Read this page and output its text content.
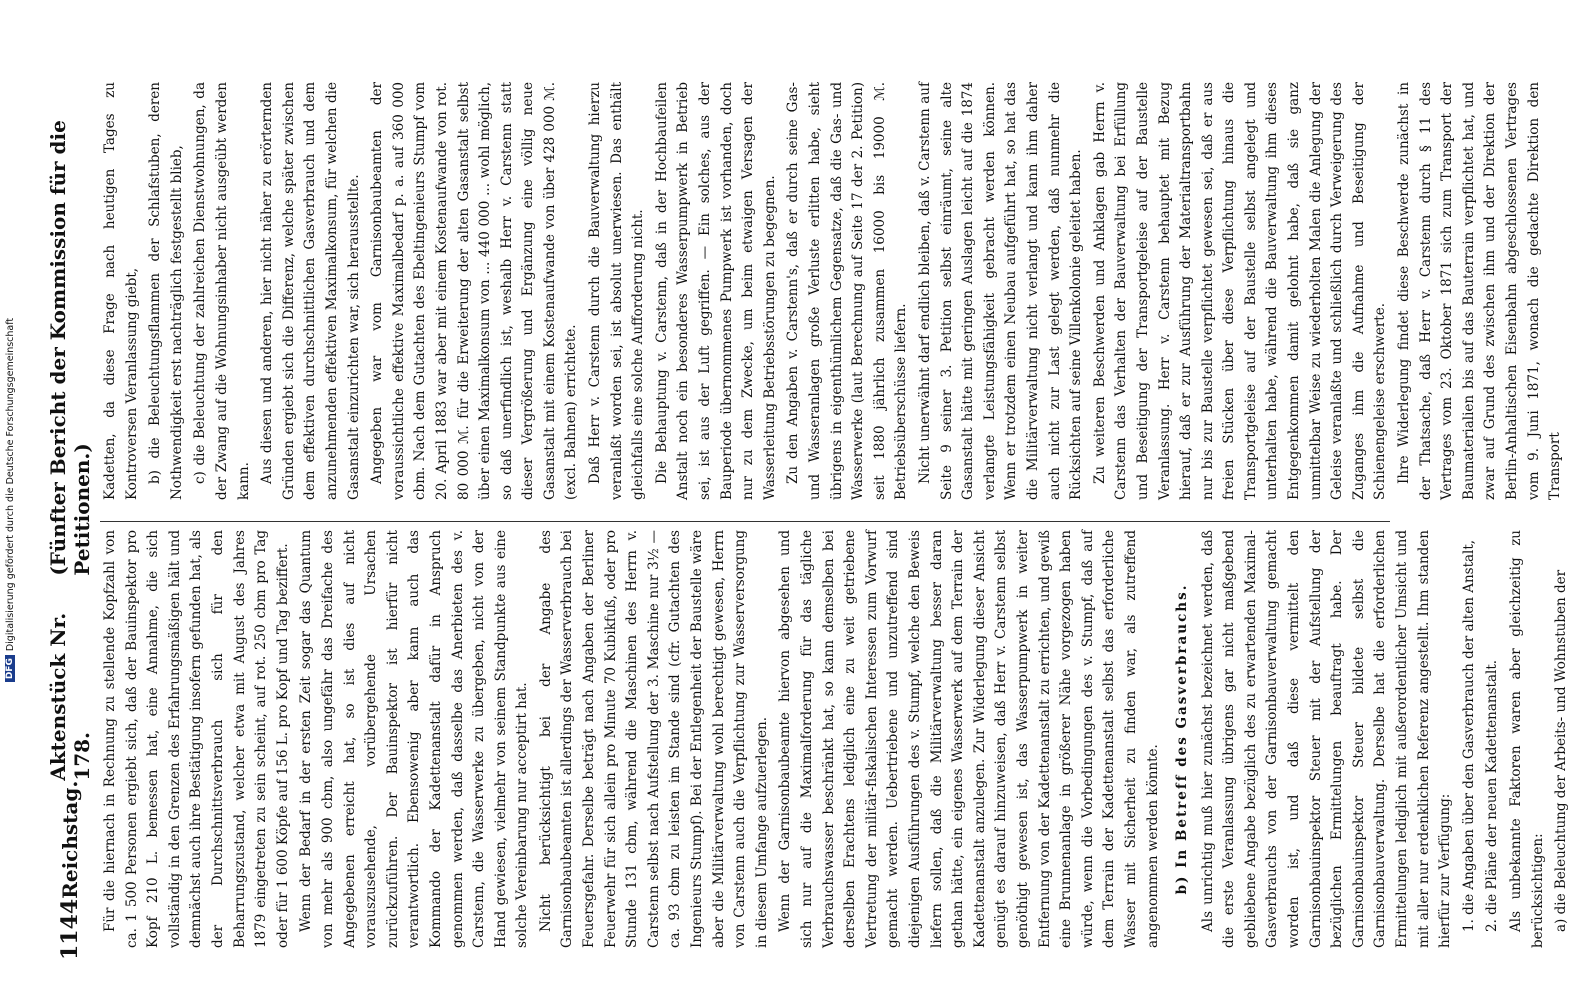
DFG
Digitalisierung gefördert durch die Deutsche Forschungsgemeinschaft
1144
Reichstag.
Aktenstück Nr. 178.
(Fünfter Bericht der Kommission für die Petitionen.)

Für die hiernach in Rechnung zu stellende Kopfzahl von ca. 1 500 Personen ergiebt sich, daß der Bauinspektor pro Kopf 210 L. bemessen hat, eine Annahme, die sich vollständig in den Grenzen des Erfahrungsmäßigen hält und demnächst auch ihre Bestätigung insofern gefunden hat, als der Durchschnittsverbrauch sich für den Beharrungszustand, welcher etwa mit August des Jahres 1879 eingetreten zu sein scheint, auf rot. 250 cbm pro Tag oder für 1 600 Köpfe auf 156 L. pro Kopf und Tag beziffert. Wenn der Bedarf in der ersten Zeit sogar das Quantum von mehr als 900 cbm, also ungefähr das Dreifache des Angegebenen erreicht hat, so ist dies auf nicht vorauszusehende, vorübergehende Ursachen zurückzuführen. Der Bauinspektor ist hierfür nicht verantwortlich. Ebensowenig aber kann auch das Kommando der Kadettenanstalt dafür in Anspruch genommen werden, daß dasselbe das Anerbieten des v. Carstenn, die Wasserwerke zu übergeben, nicht von der Hand gewiesen, vielmehr von seinem Standpunkte aus eine solche Vereinbarung nur acceptirt hat. Nicht berücksichtigt bei der Angabe des Garnisonbaubeamten ist allerdings der Wasserverbrauch bei Feuersgefahr. Derselbe beträgt nach Angaben der Berliner Feuerwehr für sich allein pro Minute 70 Kubikfuß, oder pro Stunde 131 cbm, während die Maschinen des Herrn v. Carstenn selbst nach Aufstellung der 3. Maschine nur 3½ — ca. 93 cbm zu leisten im Stande sind (cfr. Gutachten des Ingenieurs Stumpf). Bei der Entlegenheit der Baustelle wäre aber die Militärverwaltung wohl berechtigt gewesen, Herrn von Carstenn auch die Verpflichtung zur Wasserversorgung in diesem Umfange aufzuerlegen. Wenn der Garnisonbaubeamte hiervon abgesehen und sich nur auf die Maximalforderung für das tägliche Verbrauchswasser beschränkt hat, so kann demselben bei derselben Erachtens lediglich eine zu weit getriebene Vertretung der militär-fiskalischen Interessen zum Vorwurf gemacht werden. Uebertriebene und unzutreffend sind diejenigen Ausführungen des v. Stumpf, welche den Beweis liefern sollen, daß die Militärverwaltung besser daran gethan hätte, ein eigenes Wasserwerk auf dem Terrain der Kadettenanstalt anzulegen. Zur Widerlegung dieser Ansicht genügt es darauf hinzuweisen, daß Herr v. Carstenn selbst genöthigt gewesen ist, das Wasserpumpwerk in weiter Entfernung von der Kadettenanstalt zu errichten, und gewiß eine Brunnenanlage in größerer Nähe vorgezogen haben würde, wenn die Vorbedingungen des v. Stumpf, daß auf dem Terrain der Kadettenanstalt selbst das erforderliche Wasser mit Sicherheit zu finden war, als zutreffend angenommen werden könnte. b) In Betreff des Gasverbrauchs. Als unrichtig muß hier zunächst bezeichnet werden, daß die erste Veranlassung übrigens gar nicht maßgebend gebliebene Angabe bezüglich des zu erwartenden Maximal-Gasverbrauchs von der Garnisonbauverwaltung gemacht worden ist, und daß diese vermittelt den Garnisonbauinspektor Steuer mit der Aufstellung der bezüglichen Ermittelungen beauftragt habe. Der Garnisonbauinspektor Steuer bildete selbst die Garnisonbauverwaltung. Derselbe hat die erforderlichen Ermittelungen lediglich mit außerordentlicher Umsicht und mit aller nur erdenklichen Referenz angestellt. Ihm standen hierfür zur Verfügung: 1. die Angaben über den Gasverbrauch der alten Anstalt, 2. die Pläne der neuen Kadettenanstalt. Als unbekannte Faktoren waren aber gleichzeitig zu berücksichtigen: a) die Beleuchtung der Arbeits- und Wohnstuben der

Kadetten, da diese Frage nach heutigen Tages zu Kontroversen Veranlassung giebt, b) die Beleuchtungsflammen der Schlafstuben, deren Nothwendigkeit erst nachträglich festgestellt blieb, c) die Beleuchtung der zahlreichen Dienstwohnungen, da der Zwang auf die Wohnungsinhaber nicht ausgeübt werden kann. Aus diesen und anderen, hier nicht näher zu erörternden Gründen ergiebt sich die Differenz, welche später zwischen dem effektiven durchschnittlichen Gasverbrauch und dem anzunehmenden effektiven Maximalkonsum, für welchen die Gasanstalt einzurichten war, sich herausstellte. Angegeben war vom Garnisonbaubeamten der voraussichtliche effektive Maximalbedarf p. a. auf 360 000 cbm. Nach dem Gutachten des Ebeltingenieurs Stumpf vom 20. April 1883 war aber mit einem Kostenaufwande von rot. 80 000 ℳ. für die Erweiterung der alten Gasanstalt selbst über einen Maximalkonsum von ... 440 000 ... wohl möglich, so daß unerfindlich ist, weshalb Herr v. Carstenn statt dieser Vergrößerung und Ergänzung eine völlig neue Gasanstalt mit einem Kostenaufwande von über 428 000 ℳ. (excl. Bahnen) errichtete. Daß Herr v. Carstenn durch die Bauverwaltung hierzu veranlaßt worden sei, ist absolut unerwiesen. Das enthält gleichfalls eine solche Aufforderung nicht. Die Behauptung v. Carstenn, daß in der Hochbaufeilen Anstalt noch ein besonderes Wasserpumpwerk in Betrieb sei, ist aus der Luft gegriffen. — Ein solches, aus der Bauperiode übernommenes Pumpwerk ist vorhanden, doch nur zu dem Zwecke, um beim etwaigen Versagen der Wasserleitung Betriebsstörungen zu begegnen. Zu den Angaben v. Carstenn's, daß er durch seine Gas- und Wasseranlagen große Verluste erlitten habe, sieht übrigens in eigenthümlichem Gegensatze, daß die Gas- und Wasserwerke (laut Berechnung auf Seite 17 der 2. Petition) seit 1880 jährlich zusammen 16000 bis 19000 ℳ. Betriebsüberschüsse liefern. Nicht unerwähnt darf endlich bleiben, daß v. Carstenn auf Seite 9 seiner 3. Petition selbst einräumt, seine alte Gasanstalt hätte mit geringen Auslagen leicht auf die 1874 verlangte Leistungsfähigkeit gebracht werden können. Wenn er trotzdem einen Neubau aufgeführt hat, so hat das die Militärverwaltung nicht verlangt und kann ihm daher auch nicht zur Last gelegt werden, daß nunmehr die Rücksichten auf seine Villenkolonie geleitet haben. Zu weiteren Beschwerden und Anklagen gab Herrn v. Carstenn das Verhalten der Bauverwaltung bei Erfüllung und Beseitigung der Transportgeleise auf der Baustelle Veranlassung. Herr v. Carstenn behauptet mit Bezug hierauf, daß er zur Ausführung der Materialtransportbahn nur bis zur Baustelle verpflichtet gewesen sei, daß er aus freien Stücken über diese Verpflichtung hinaus die Transportgeleise auf der Baustelle selbst angelegt und unterhalten habe, während die Bauverwaltung ihm dieses Entgegenkommen damit gelohnt habe, daß sie ganz unmittelbar Weise zu wiederholten Malen die Anlegung der Geleise veranlaßte und schließlich durch Verweigerung des Zuganges ihm die Aufnahme und Beseitigung der Schienengeleise erschwerte. Ihre Widerlegung findet diese Beschwerde zunächst in der Thatsache, daß Herr v. Carstenn durch § 11 des Vertrages vom 23. Oktober 1871 sich zum Transport der Baumaterialien bis auf das Bauterrain verpflichtet hat, und zwar auf Grund des zwischen ihm und der Direktion der Berlin-Anhaltischen Eisenbahn abgeschlossenen Vertrages vom 9. Juni 1871, wonach die gedachte Direktion den Transport
